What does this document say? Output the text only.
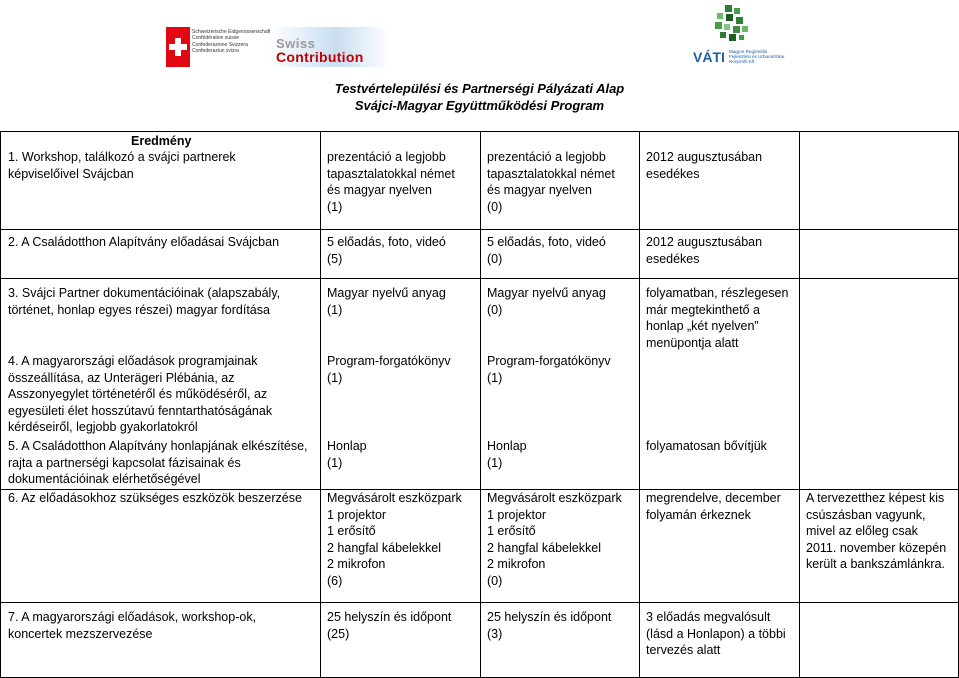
Schweizerische Eidgenossenschaft
Confédération suisse
Confederazione Svizzera
Confederaziun svizra
Swiss
Contribution	VÁTI Magyar Regionális Fejlesztési és Urbanisztikai Nonprofit Kft.
Testvértelepülési és Partnerségi Pályázati Alap
Svájci-Magyar Együttműködési Program
Eredmény
1. Workshop, találkozó a svájci partnerek
képviselőivel Svájcban
prezentáció a legjobb
tapasztalatokkal német
és magyar nyelven
(1)
prezentáció a legjobb
tapasztalatokkal német
és magyar nyelven
(0)
2012 augusztusában
esedékes
2. A Családotthon Alapítvány előadásai Svájcban	5 előadás, foto, videó
(5)
5 előadás, foto, videó
(0)
2012 augusztusában
esedékes
3. Svájci Partner dokumentációinak (alapszabály,
történet, honlap egyes részei) magyar fordítása
Magyar nyelvű anyag
(1)
Magyar nyelvű anyag
(0)
folyamatban, részlegesen
már megtekinthető a
honlap „két nyelven”
menüpontja alatt
4. A magyarországi előadások programjainak
összeállítása, az Unterägeri Plébánia, az
Asszonyegylet történetéről és működéséről, az
egyesületi élet hosszútavú fenntarthatóságának
kérdéseiről, legjobb gyakorlatokról
Program-forgatókönyv
(1)
Program-forgatókönyv
(1)
5. A Családotthon Alapítvány honlapjának elkészítése,
rajta a partnerségi kapcsolat fázisainak és
dokumentációinak elérhetőségével
Honlap
(1)
Honlap
(1)
folyamatosan bővítjük
6. Az előadásokhoz szükséges eszközök beszerzése Megvásárolt eszközpark
1 projektor
1 erősítő
2 hangfal kábelekkel
2 mikrofon
(6)
Megvásárolt eszközpark
1 projektor
1 erősítő
2 hangfal kábelekkel
2 mikrofon
(0)
megrendelve, december
folyamán érkeznek
A tervezetthez képest kis
csúszásban vagyunk,
mivel az előleg csak
2011. november közepén
került a bankszámlánkra.
7. A magyarországi előadások, workshop-ok,
koncertek mezszervezése
25 helyszín és időpont
(25)
25 helyszín és időpont
(3)
3 előadás megvalósult
(lásd a Honlapon) a többi
tervezés alatt
